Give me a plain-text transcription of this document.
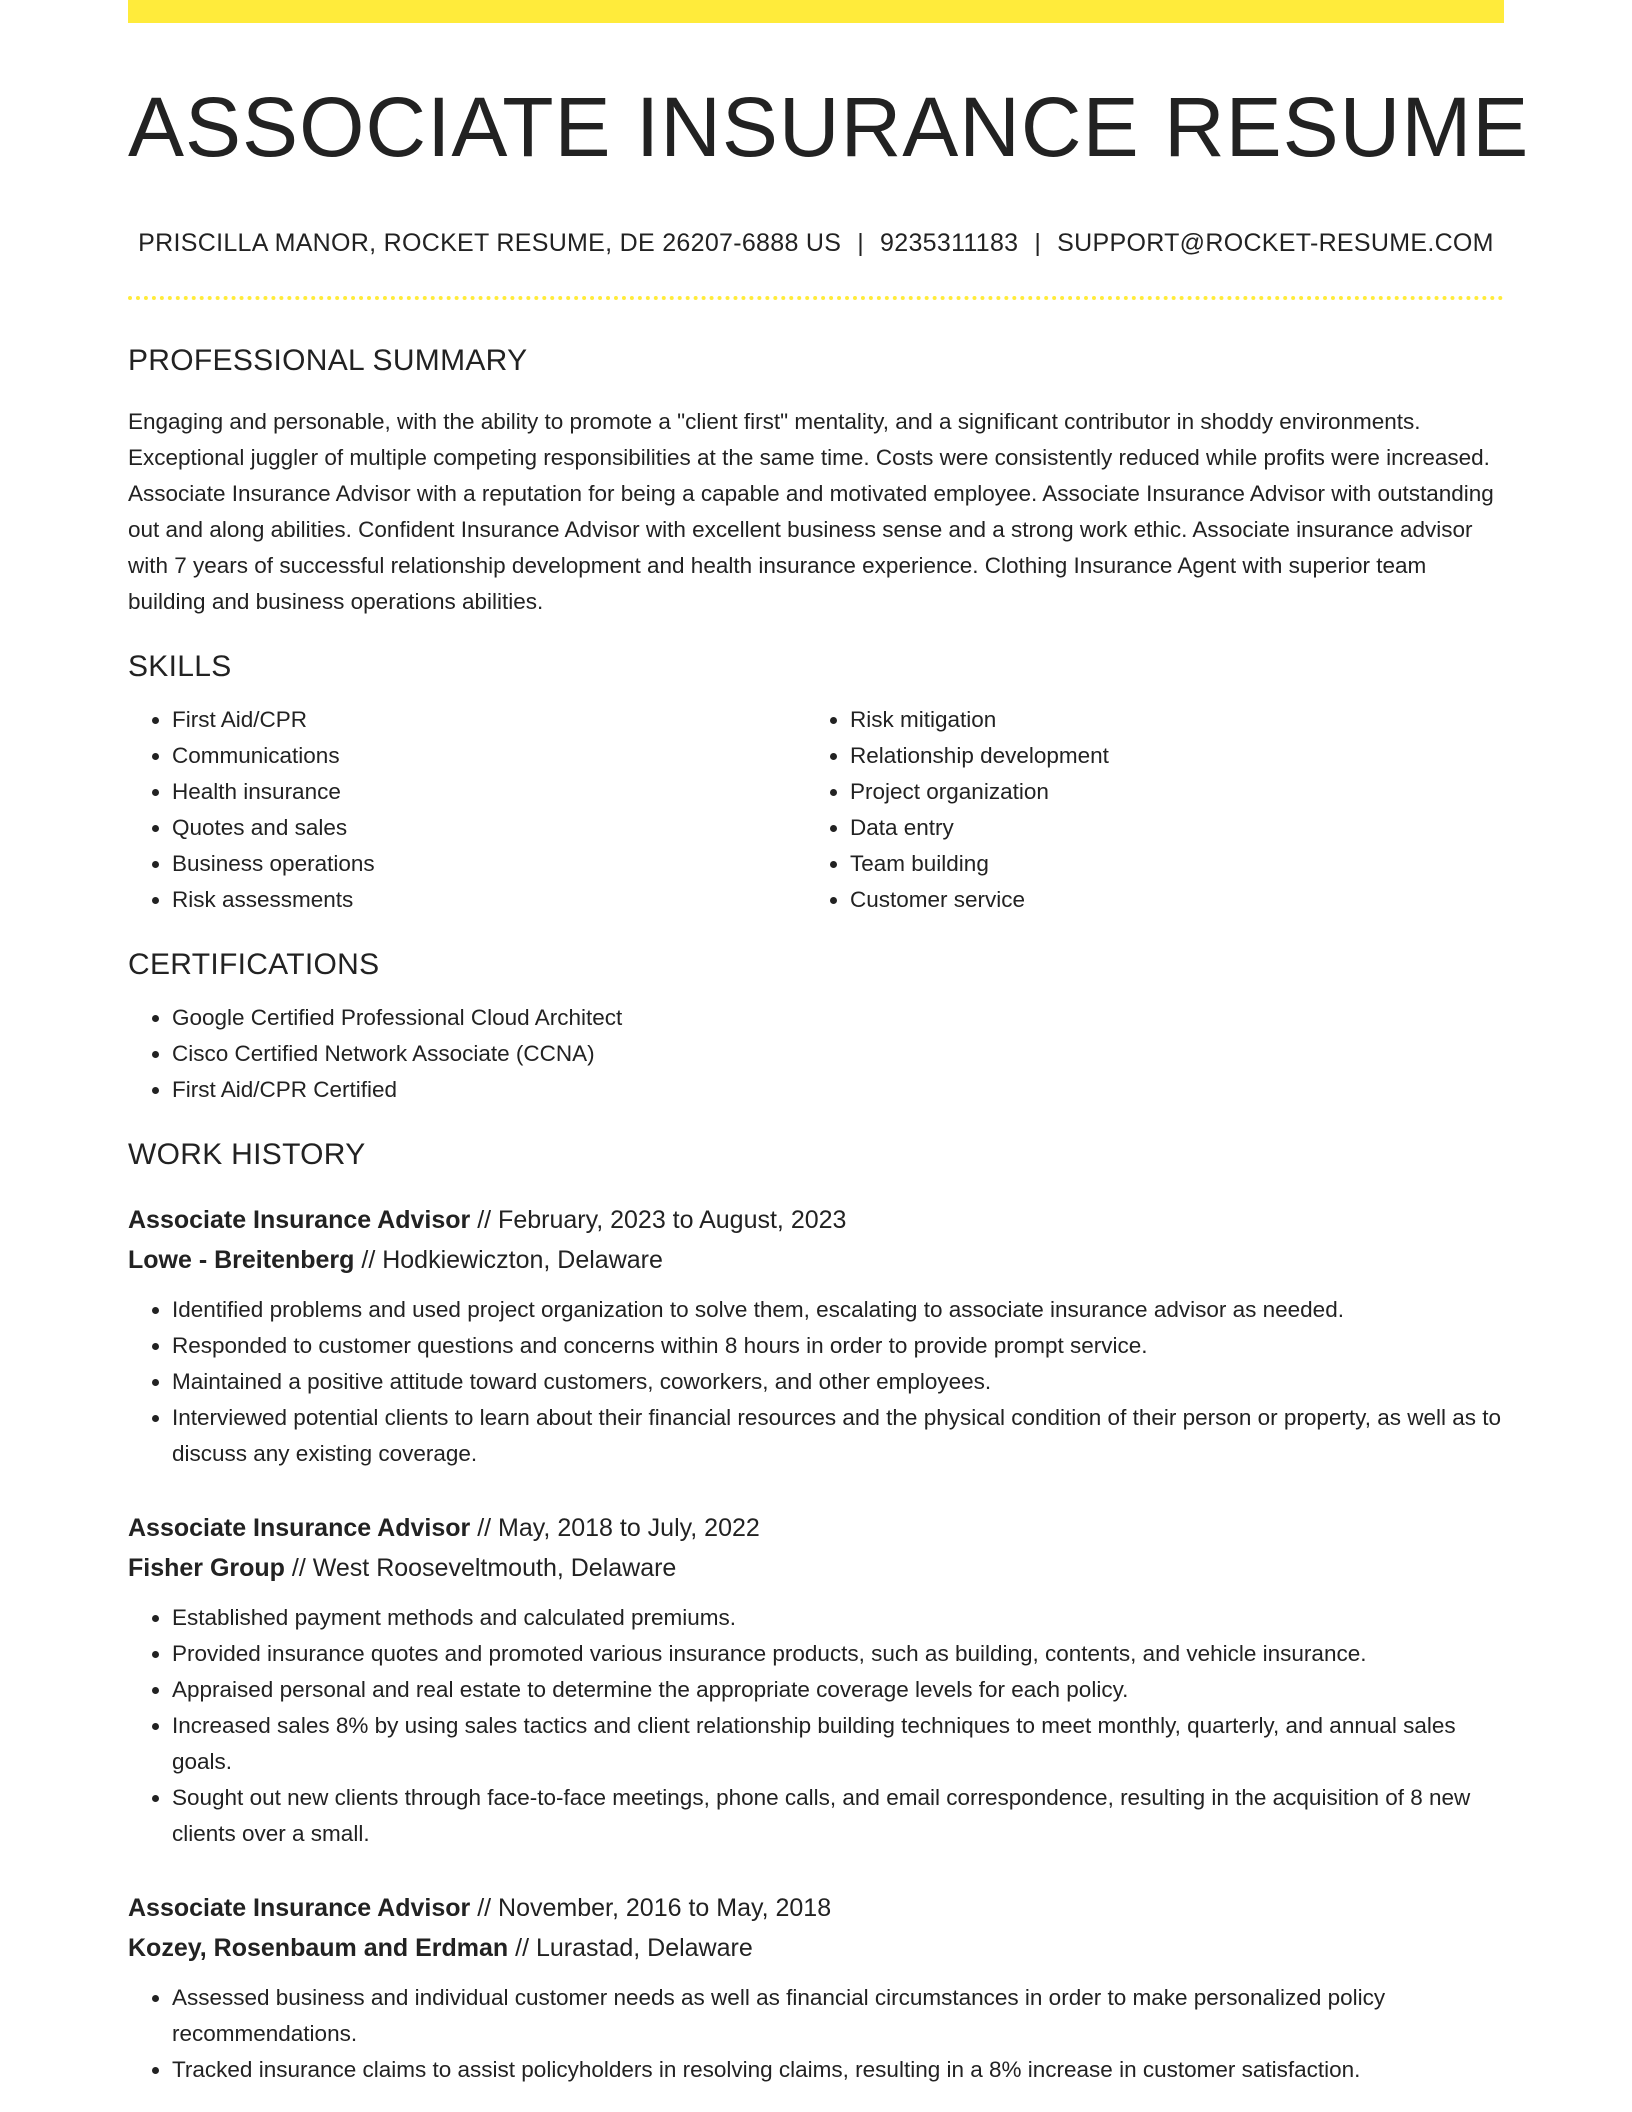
ASSOCIATE INSURANCE RESUME
PRISCILLA MANOR, ROCKET RESUME, DE 26207-6888 US | 9235311183 | SUPPORT@ROCKET-RESUME.COM
PROFESSIONAL SUMMARY

Engaging and personable, with the ability to promote a "client first" mentality, and a significant contributor in shoddy environments. Exceptional juggler of multiple competing responsibilities at the same time. Costs were consistently reduced while profits were increased. Associate Insurance Advisor with a reputation for being a capable and motivated employee. Associate Insurance Advisor with outstanding out and along abilities. Confident Insurance Advisor with excellent business sense and a strong work ethic. Associate insurance advisor with 7 years of successful relationship development and health insurance experience. Clothing Insurance Agent with superior team building and business operations abilities.

SKILLS
• First Aid/CPR
• Communications
• Health insurance
• Quotes and sales
• Business operations
• Risk assessments
• Risk mitigation
• Relationship development
• Project organization
• Data entry
• Team building
• Customer service
CERTIFICATIONS
• Google Certified Professional Cloud Architect
• Cisco Certified Network Associate (CCNA)
• First Aid/CPR Certified
WORK HISTORY
Associate Insurance Advisor // February, 2023 to August, 2023
Lowe - Breitenberg // Hodkiewiczton, Delaware
• Identified problems and used project organization to solve them, escalating to associate insurance advisor as needed.
• Responded to customer questions and concerns within 8 hours in order to provide prompt service.
• Maintained a positive attitude toward customers, coworkers, and other employees.
• Interviewed potential clients to learn about their financial resources and the physical condition of their person or property, as well as to discuss any existing coverage.
Associate Insurance Advisor // May, 2018 to July, 2022
Fisher Group // West Rooseveltmouth, Delaware
• Established payment methods and calculated premiums.
• Provided insurance quotes and promoted various insurance products, such as building, contents, and vehicle insurance.
• Appraised personal and real estate to determine the appropriate coverage levels for each policy.
• Increased sales 8% by using sales tactics and client relationship building techniques to meet monthly, quarterly, and annual sales goals.
• Sought out new clients through face-to-face meetings, phone calls, and email correspondence, resulting in the acquisition of 8 new clients over a small.
Associate Insurance Advisor // November, 2016 to May, 2018
Kozey, Rosenbaum and Erdman // Lurastad, Delaware
• Assessed business and individual customer needs as well as financial circumstances in order to make personalized policy recommendations.
• Tracked insurance claims to assist policyholders in resolving claims, resulting in a 8% increase in customer satisfaction.
